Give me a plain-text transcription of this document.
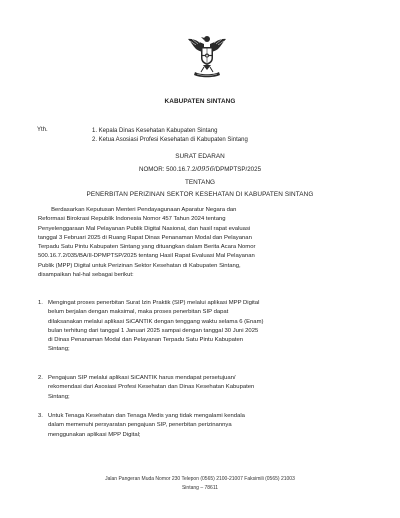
KABUPATEN SINTANG
Yth.	1. Kepala Dinas Kesehatan Kabupaten Sintang
2. Ketua Asosiasi Profesi Kesehatan di Kabupaten Sintang
SURAT EDARAN
NOMOR: 500.16.7.2/0956/DPMPTSP/2025
TENTANG
PENERBITAN PERIZINAN SEKTOR KESEHATAN DI KABUPATEN SINTANG
Berdasarkan Keputusan Menteri Pendayagunaan Aparatur Negara dan
Reformasi Birokrasi Republik Indonesia Nomor 457 Tahun 2024 tentang
Penyelenggaraan Mal Pelayanan Publik Digital Nasional, dan hasil rapat evaluasi
tanggal 3 Februari 2025 di Ruang Rapat Dinas Penanaman Modal dan Pelayanan
Terpadu Satu Pintu Kabupaten Sintang yang dituangkan dalam Berita Acara Nomor
500.16.7.2/035/BA/II-DPMPTSP/2025 tentang Hasil Rapat Evaluasi Mal Pelayanan
Publik (MPP) Digital untuk Perizinan Sektor Kesehatan di Kabupaten Sintang,
disampaikan hal-hal sebagai berikut:
1. Mengingat proses penerbitan Surat Izin Praktik (SIP) melalui aplikasi MPP Digital
belum berjalan dengan maksimal, maka proses penerbitan SIP dapat
dilaksanakan melalui aplikasi SiCANTIK dengan tenggang waktu selama 6 (Enam)
bulan terhitung dari tanggal 1 Januari 2025 sampai dengan tanggal 30 Juni 2025
di Dinas Penanaman Modal dan Pelayanan Terpadu Satu Pintu Kabupaten
Sintang;
2. Pengajuan SIP melalui aplikasi SiCANTIK harus mendapat persetujuan/
rekomendasi dari Asosiasi Profesi Kesehatan dan Dinas Kesehatan Kabupaten
Sintang;
3. Untuk Tenaga Kesehatan dan Tenaga Medis yang tidak mengalami kendala
dalam memenuhi persyaratan pengajuan SIP, penerbitan perizinannya
menggunakan aplikasi MPP Digital;
Jalan Pangeran Muda Nomor 230 Telepon (0565) 2100-21007 Faksimili (0565) 21003
Sintang – 78611
